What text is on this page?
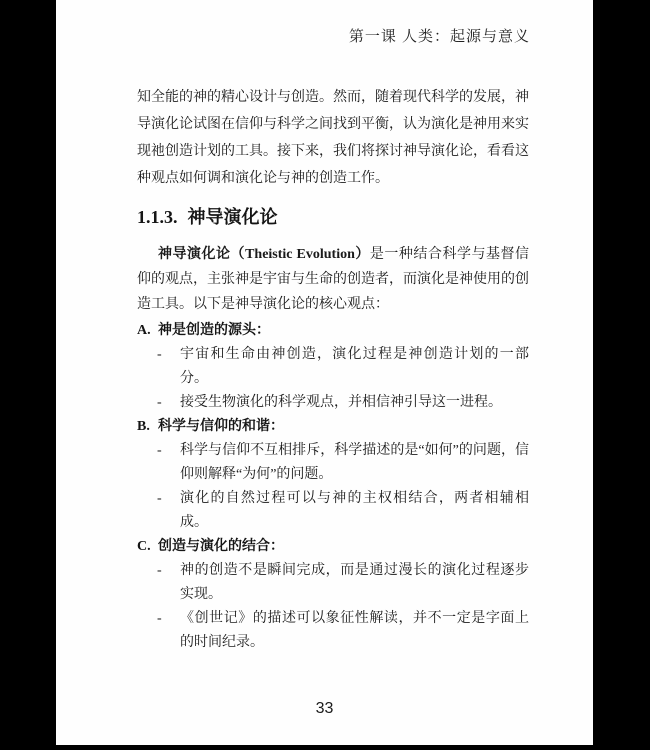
第一课 人类：起源与意义

知全能的神的精心设计与创造。然而，随着现代科学的发展，神导演化论试图在信仰与科学之间找到平衡，认为演化是神用来实现祂创造计划的工具。接下来，我们将探讨神导演化论，看看这种观点如何调和演化论与神的创造工作。

1.1.3. 神导演化论

神导演化论（Theistic Evolution）是一种结合科学与基督信仰的观点，主张神是宇宙与生命的创造者，而演化是神使用的创造工具。以下是神导演化论的核心观点：

A. 神是创造的源头：
-	宇宙和生命由神创造，演化过程是神创造计划的一部分。
-	接受生物演化的科学观点，并相信神引导这一进程。
B. 科学与信仰的和谐：
-	科学与信仰不互相排斥，科学描述的是“如何”的问题，信仰则解释“为何”的问题。
-	演化的自然过程可以与神的主权相结合，两者相辅相成。
C. 创造与演化的结合：
-	神的创造不是瞬间完成，而是通过漫长的演化过程逐步实现。
-	《创世记》的描述可以象征性解读，并不一定是字面上的时间纪录。
33
